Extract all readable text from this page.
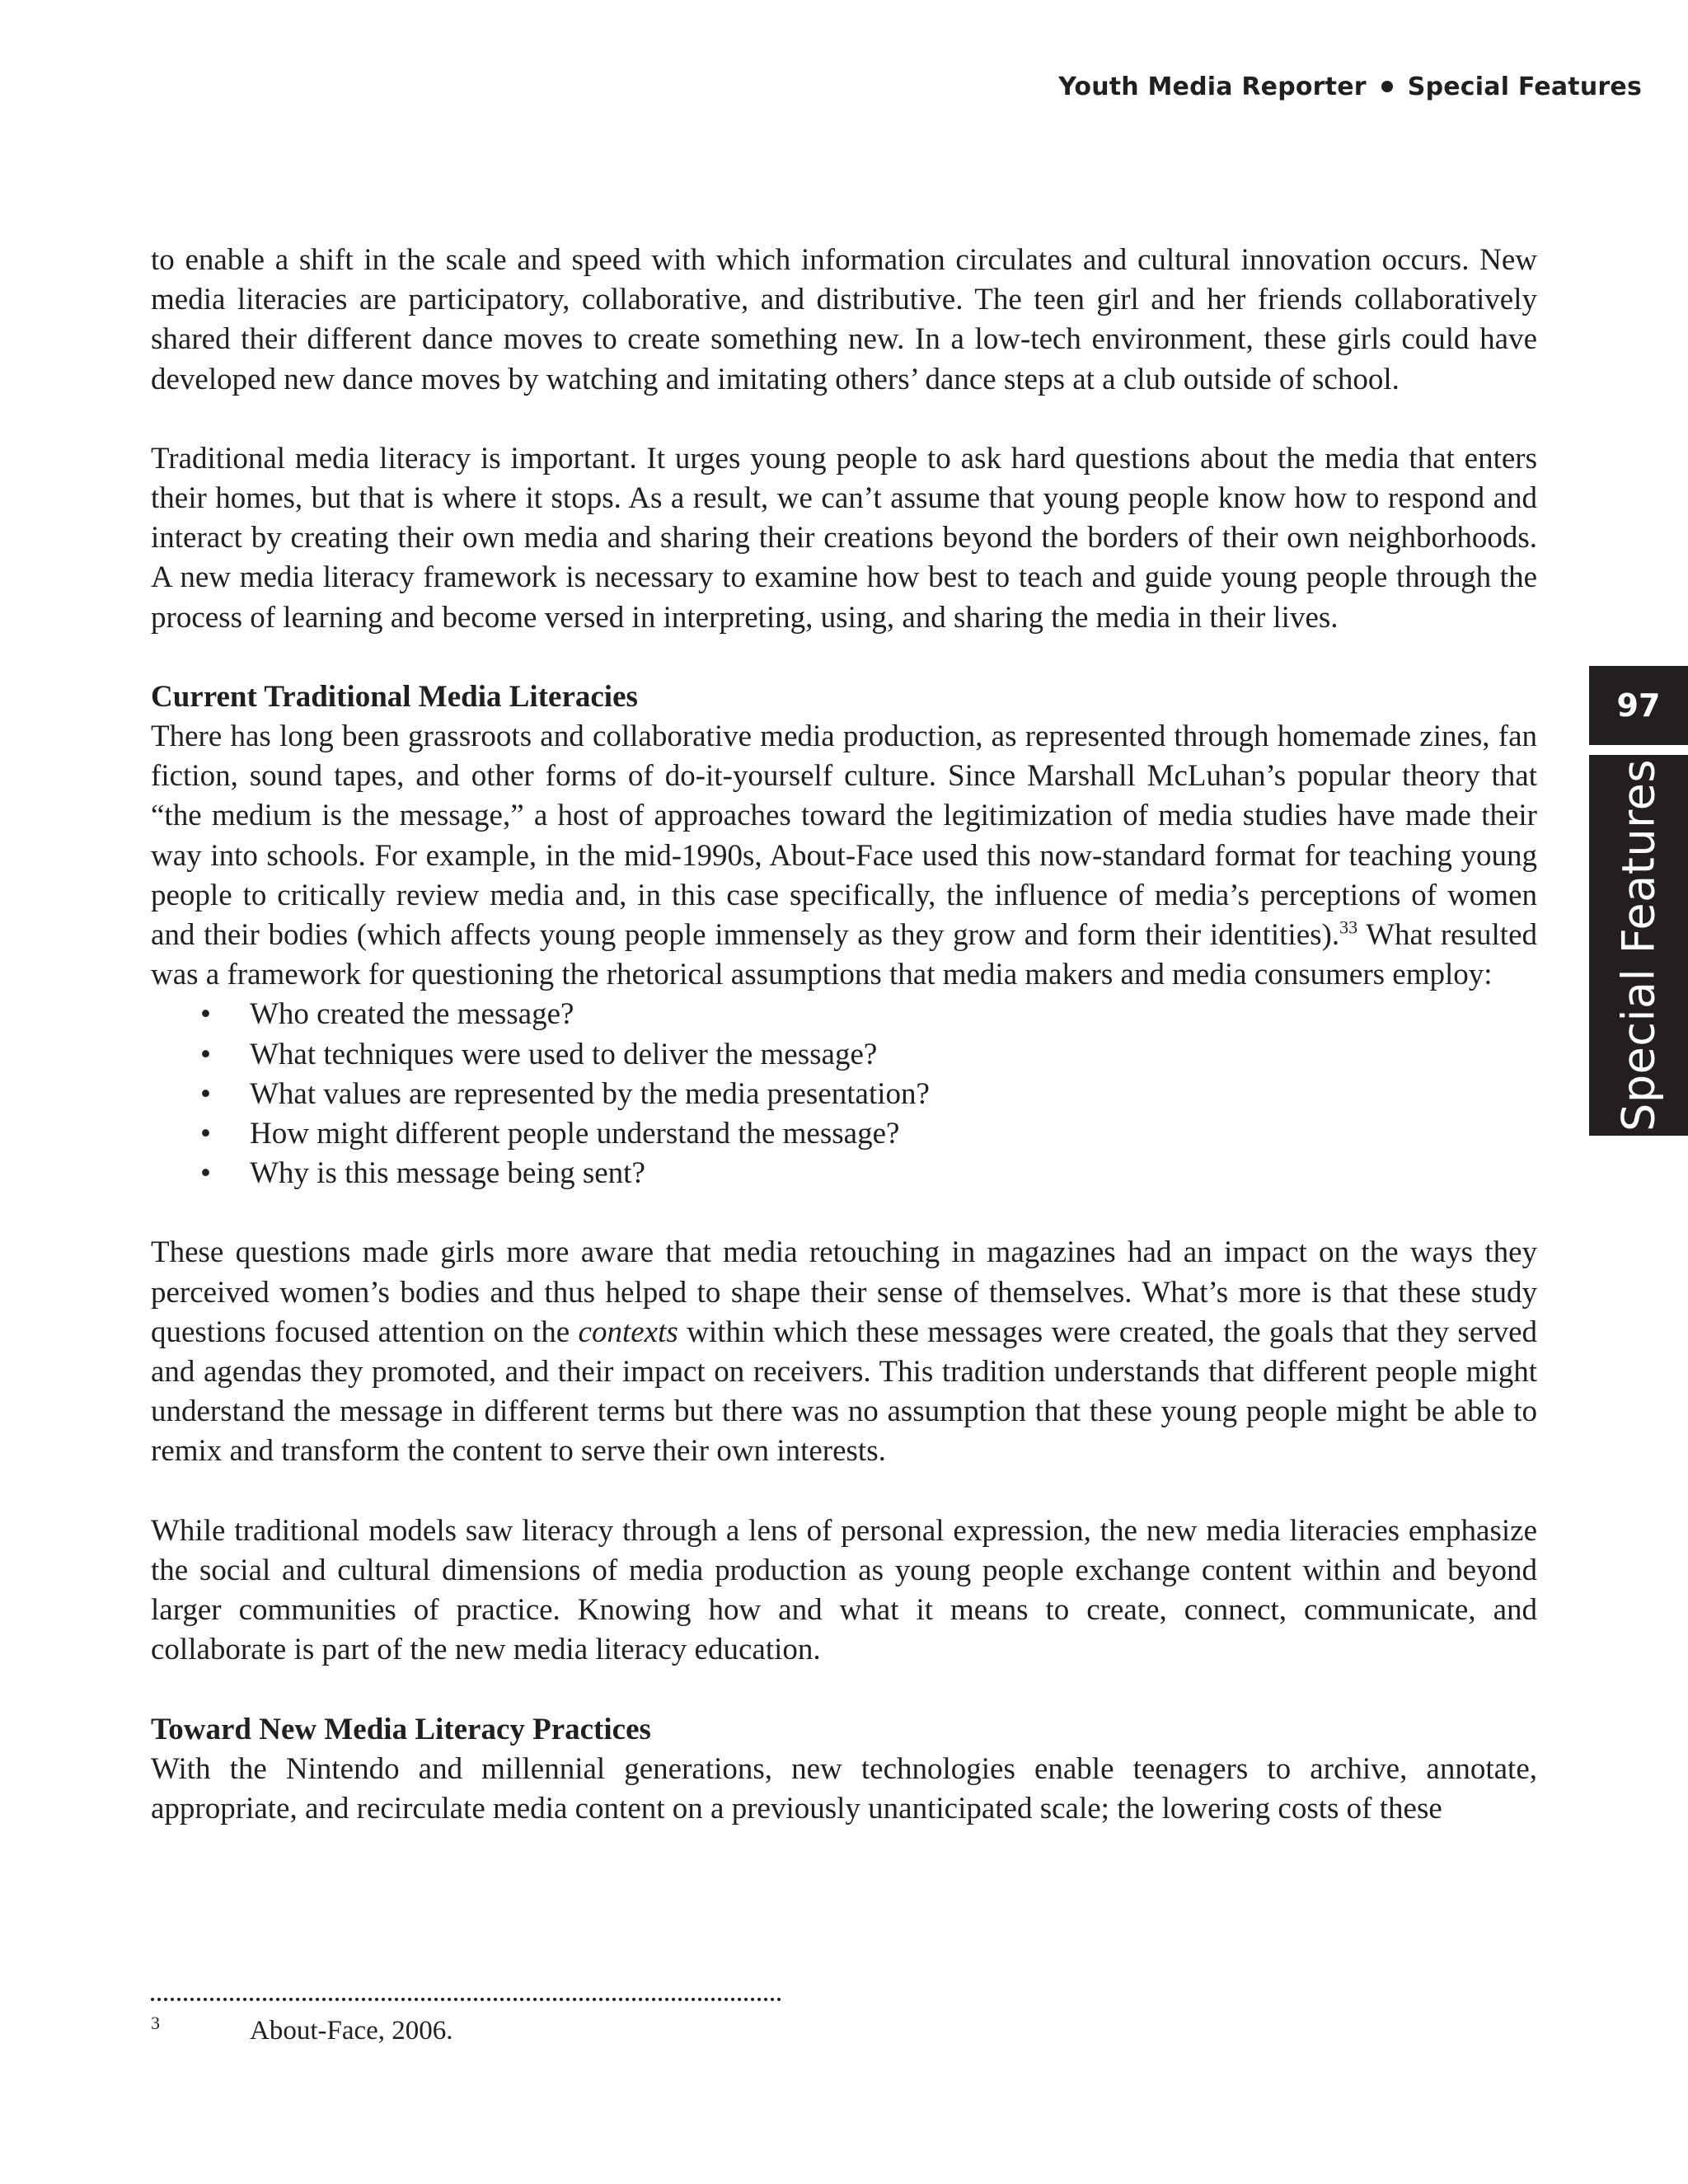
Youth Media Reporter Special Features
97
Special Features

to enable a shift in the scale and speed with which information circulates and cultural innovation occurs. New media literacies are participatory, collaborative, and distributive. The teen girl and her friends collaboratively shared their different dance moves to create something new. In a low-tech environment, these girls could have developed new dance moves by watching and imitating others’ dance steps at a club outside of school.

Traditional media literacy is important. It urges young people to ask hard questions about the media that enters their homes, but that is where it stops. As a result, we can’t assume that young people know how to respond and interact by creating their own media and sharing their creations beyond the borders of their own neighborhoods. A new media literacy framework is necessary to examine how best to teach and guide young people through the process of learning and become versed in interpreting, using, and sharing the media in their lives.

Current Traditional Media Literacies

There has long been grassroots and collaborative media production, as represented through homemade zines, fan fiction, sound tapes, and other forms of do-it-yourself culture. Since Marshall McLuhan’s popular theory that “the medium is the message,” a host of approaches toward the legitimization of media studies have made their way into schools. For example, in the mid-1990s, About-Face used this now-standard format for teaching young people to critically review media and, in this case specifically, the influence of media’s perceptions of women and their bodies (which affects young people immensely as they grow and form their identities).$^{33}$ What resulted was a framework for questioning the rhetorical assumptions that media makers and media consumers employ:

• Who created the message?
• What techniques were used to deliver the message?
• What values are represented by the media presentation?
• How might different people understand the message?
• Why is this message being sent?

These questions made girls more aware that media retouching in magazines had an impact on the ways they perceived women’s bodies and thus helped to shape their sense of themselves. What’s more is that these study questions focused attention on the contexts within which these messages were created, the goals that they served and agendas they promoted, and their impact on receivers. This tradition understands that different people might understand the message in different terms but there was no assumption that these young people might be able to remix and transform the content to serve their own interests.

While traditional models saw literacy through a lens of personal expression, the new media literacies emphasize the social and cultural dimensions of media production as young people exchange content within and beyond larger communities of practice. Knowing how and what it means to create, connect, communicate, and collaborate is part of the new media literacy education.

Toward New Media Literacy Practices

With the Nintendo and millennial generations, new technologies enable teenagers to archive, annotate, appropriate, and recirculate media content on a previously unanticipated scale; the lowering costs of these

3	About-Face, 2006.
